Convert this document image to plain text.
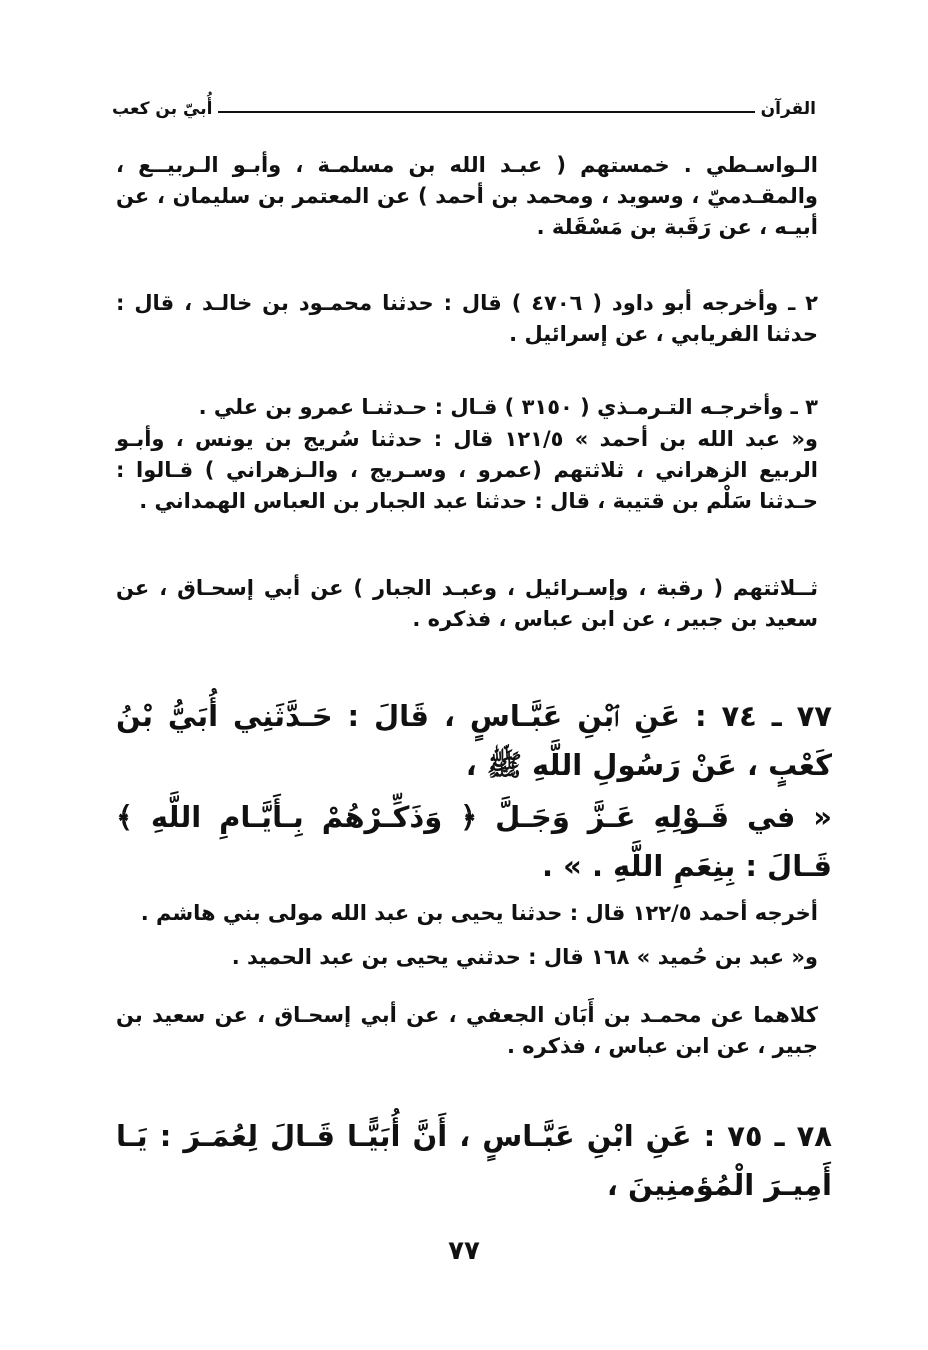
القرآن
أُبيّ بن كعب

الـواسـطي . خمستهم ( عبـد الله بن مسلمـة ، وأبـو الـربيــع ، والمقـدميّ ، وسويد ، ومحمد بن أحمد ) عن المعتمر بن سليمان ، عن أبيـه ، عن رَقَبة بن مَسْقَلة .

٢ ـ وأخرجه أبو داود ( ٤٧٠٦ ) قال : حدثنا محمـود بن خالـد ، قال : حدثنا الفريابي ، عن إسرائيل .

٣ ـ وأخرجـه التـرمـذي ( ٣١٥٠ ) قـال : حـدثنـا عمرو بن علي .

و« عبد الله بن أحمد » ١٢١/٥ قال : حدثنا سُريج بن يونس ، وأبـو الربيع الزهراني ، ثلاثتهم (عمرو ، وسـريج ، والـزهراني ) قـالوا : حـدثنا سَلْم بن قتيبة ، قال : حدثنا عبد الجبار بن العباس الهمداني .

ثــلاثتهم ( رقبة ، وإسـرائيل ، وعبـد الجبار ) عن أبي إسحـاق ، عن سعيد بن جبير ، عن ابن عباس ، فذكره .

٧٧ ـ ٧٤ : عَنِ ٱبْنِ عَبَّـاسٍ ، قَالَ : حَـدَّثَنِي أُبَيُّ بْنُ كَعْبٍ ، عَنْ رَسُولِ اللَّهِ ﷺ ،

« في قَـوْلِهِ عَـزَّ وَجَـلَّ ﴿ وَذَكِّـرْهُمْ بِـأَيَّـامِ اللَّهِ ﴾ قَـالَ : بِنِعَمِ اللَّهِ . » .

أخرجه أحمد ١٢٢/٥ قال : حدثنا يحيى بن عبد الله مولى بني هاشم .

و« عبد بن حُميد » ١٦٨ قال : حدثني يحيى بن عبد الحميد .

كلاهما عن محمـد بن أَبَان الجعفي ، عن أبي إسحـاق ، عن سعيد بن جبير ، عن ابن عباس ، فذكره .

٧٨ ـ ٧٥ : عَنِ ابْنِ عَبَّـاسٍ ، أَنَّ أُبَيًّـا قَـالَ لِعُمَـرَ : يَـا أَمِيـرَ الْمُؤمنِينَ ،

٧٧
